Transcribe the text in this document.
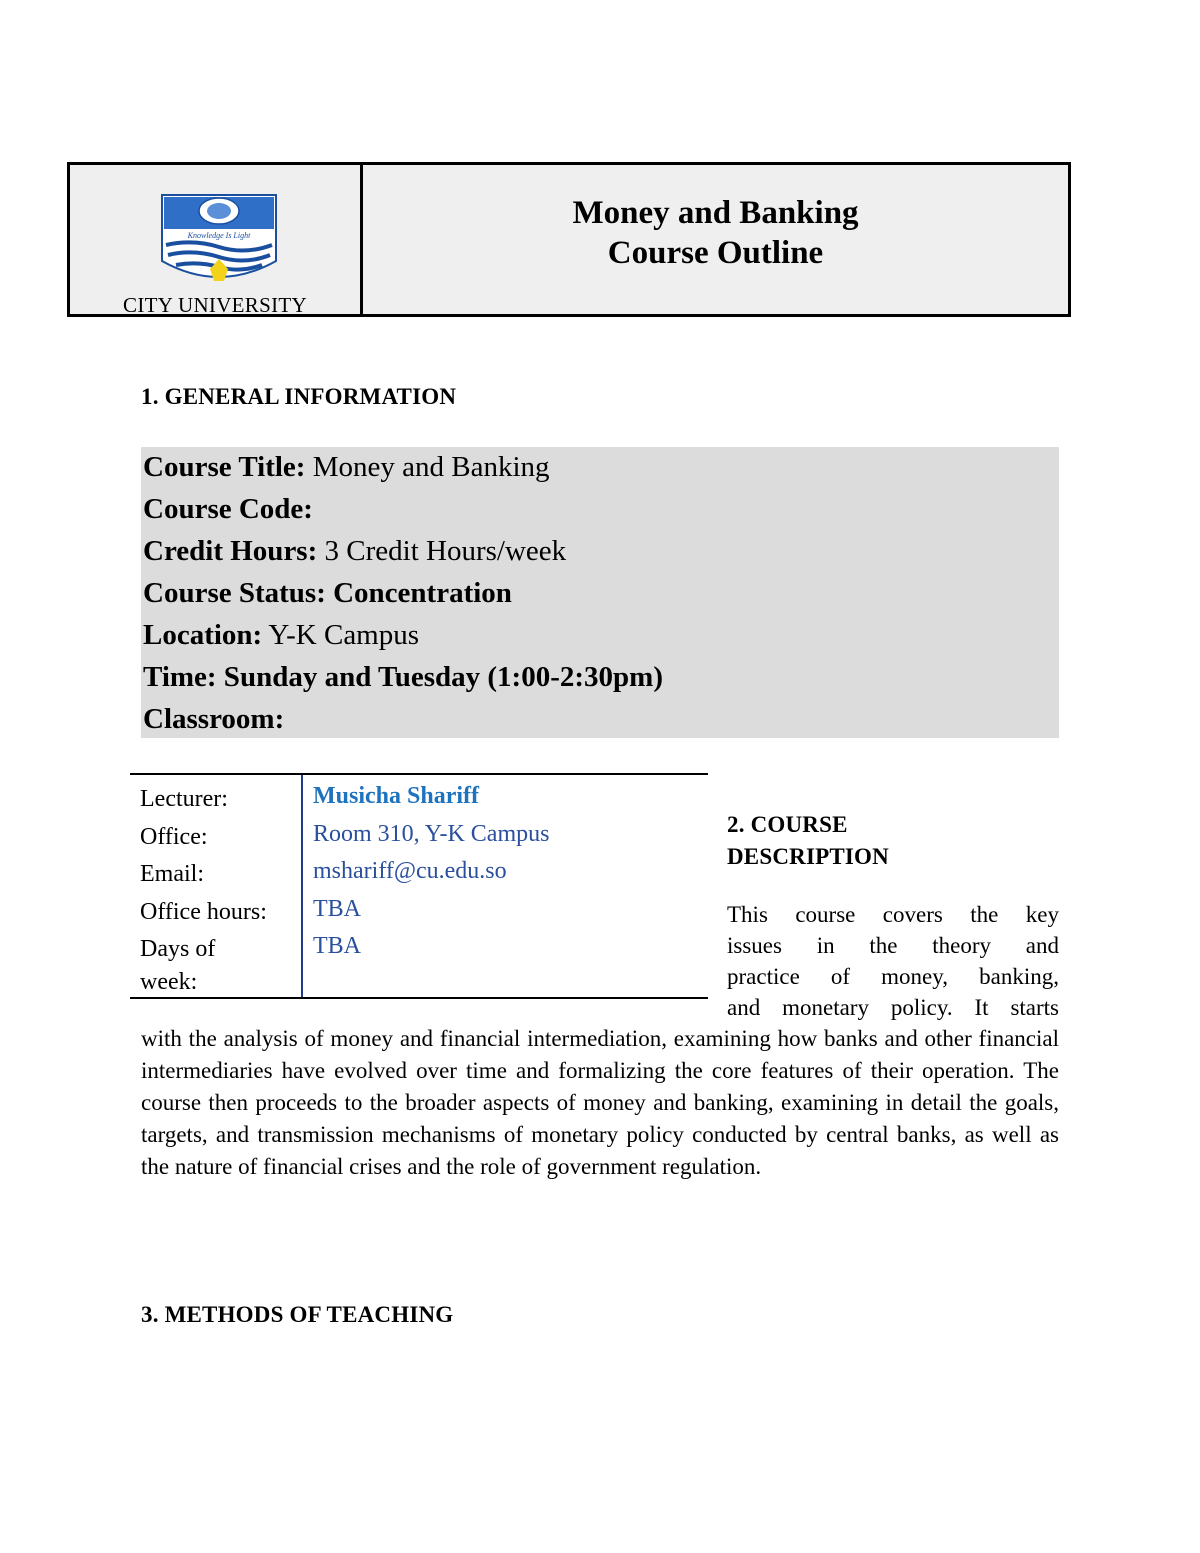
Knowledge Is Light
CITY UNIVERSITY
Money and Banking
Course Outline
1. GENERAL INFORMATION
Course Title: Money and Banking
Course Code:
Credit Hours: 3 Credit Hours/week
Course Status: Concentration
Location: Y-K Campus
Time: Sunday and Tuesday (1:00-2:30pm)
Classroom:
Lecturer:	Musicha Shariff
Office:	Room 310, Y-K Campus
Email:	mshariff@cu.edu.so
Office hours: TBA
Days of
week:
TBA
2. COURSE
DESCRIPTION
This course covers the key
issues in the theory and
practice of money, banking,
and monetary policy. It starts
with the analysis of money and financial intermediation, examining how banks and other financial intermediaries have evolved over time and formalizing the core features of their operation. The course then proceeds to the broader aspects of money and banking, examining in detail the goals, targets, and transmission mechanisms of monetary policy conducted by central banks, as well as the nature of financial crises and the role of government regulation.
3. METHODS OF TEACHING
